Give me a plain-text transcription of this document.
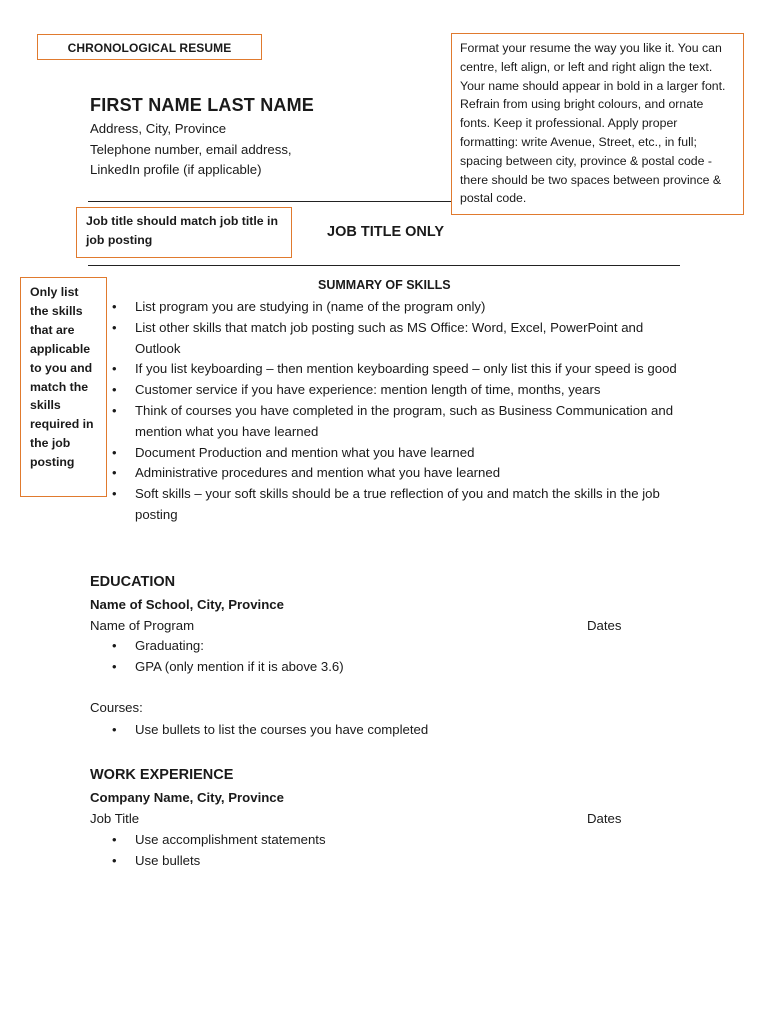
CHRONOLOGICAL RESUME	Format your resume the way you like it. You can centre, left align, or left and right align the text. Your name should appear in bold in a larger font. Refrain from using bright colours, and ornate fonts. Keep it professional. Apply proper formatting: write Avenue, Street, etc., in full; spacing between city, province & postal code - there should be two spaces between province & postal code.
FIRST NAME LAST NAME
Address, City, Province
Telephone number, email address,
LinkedIn profile (if applicable)
Job title should match job title in job posting	JOB TITLE ONLY
Only list the skills that are applicable to you and match the skills required in the job posting
SUMMARY OF SKILLS
• List program you are studying in (name of the program only)
• List other skills that match job posting such as MS Office: Word, Excel, PowerPoint and Outlook
• If you list keyboarding – then mention keyboarding speed – only list this if your speed is good
• Customer service if you have experience: mention length of time, months, years
• Think of courses you have completed in the program, such as Business Communication and mention what you have learned
• Document Production and mention what you have learned
• Administrative procedures and mention what you have learned
• Soft skills – your soft skills should be a true reflection of you and match the skills in the job posting
EDUCATION
Name of School, City, Province
Name of Program	Dates
• Graduating:
• GPA (only mention if it is above 3.6)
Courses:
• Use bullets to list the courses you have completed
WORK EXPERIENCE
Company Name, City, Province
Job Title	Dates
• Use accomplishment statements
• Use bullets
